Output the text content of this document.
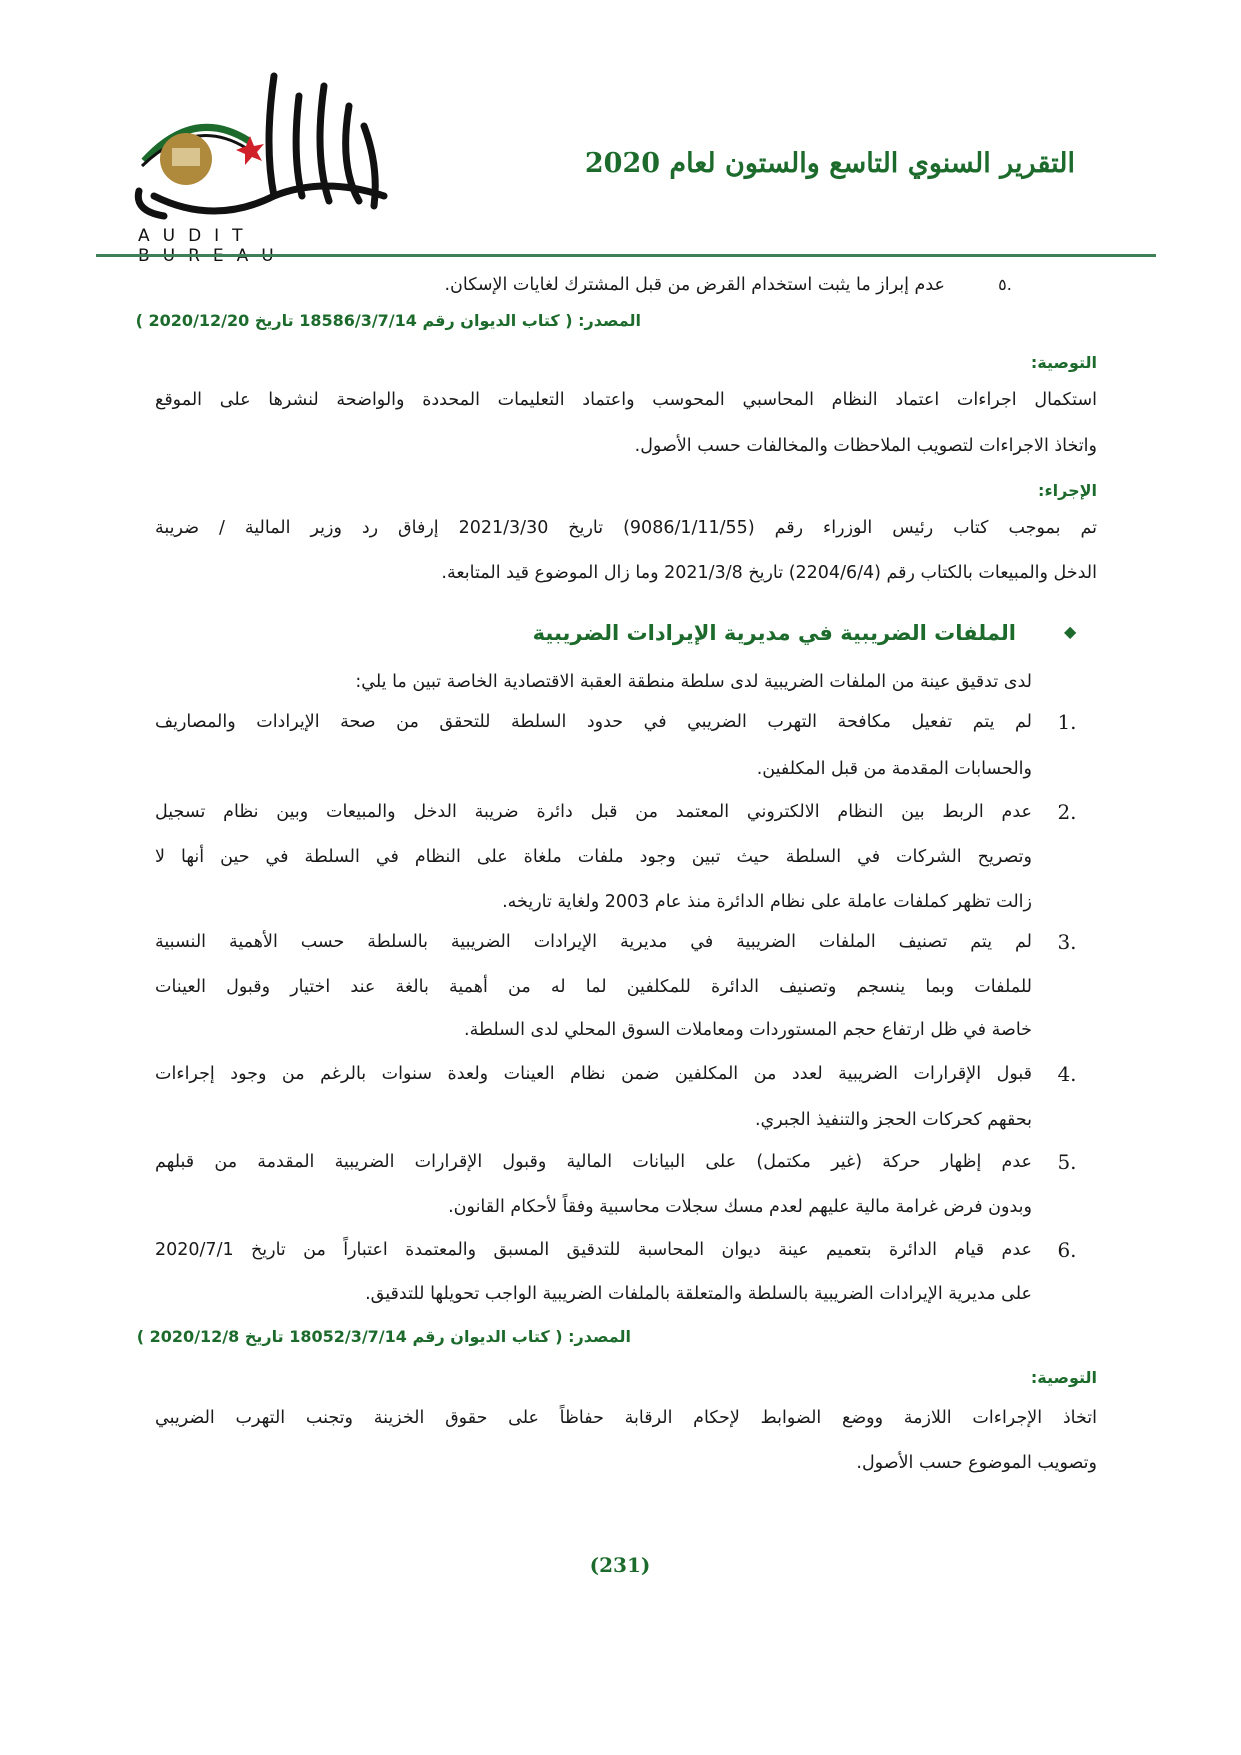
AUDIT
التقرير السنوي التاسع والستون لعام 2020
٥.
عدم إبراز ما يثبت استخدام القرض من قبل المشترك لغايات الإسكان.
المصدر: ( كتاب الديوان رقم 18586/3/7/14 تاريخ 2020/12/20 )
التوصية:
استكمال اجراءات اعتماد النظام المحاسبي المحوسب واعتماد التعليمات المحددة والواضحة لنشرها على الموقع
واتخاذ الاجراءات لتصويب الملاحظات والمخالفات حسب الأصول.
الإجراء:
تم بموجب كتاب رئيس الوزراء رقم (9086/1/11/55) تاريخ 2021/3/30 إرفاق رد وزير المالية / ضريبة
الدخل والمبيعات بالكتاب رقم (2204/6/4) تاريخ 2021/3/8 وما زال الموضوع قيد المتابعة.
◆
الملفات الضريبية في مديرية الإيرادات الضريبية
لدى تدقيق عينة من الملفات الضريبية لدى سلطة منطقة العقبة الاقتصادية الخاصة تبين ما يلي:
1.
لم يتم تفعيل مكافحة التهرب الضريبي في حدود السلطة للتحقق من صحة الإيرادات والمصاريف
والحسابات المقدمة من قبل المكلفين.
2.
عدم الربط بين النظام الالكتروني المعتمد من قبل دائرة ضريبة الدخل والمبيعات وبين نظام تسجيل
وتصريح الشركات في السلطة حيث تبين وجود ملفات ملغاة على النظام في السلطة في حين أنها لا
زالت تظهر كملفات عاملة على نظام الدائرة منذ عام 2003 ولغاية تاريخه.
3.
لم يتم تصنيف الملفات الضريبية في مديرية الإيرادات الضريبية بالسلطة حسب الأهمية النسبية
للملفات وبما ينسجم وتصنيف الدائرة للمكلفين لما له من أهمية بالغة عند اختيار وقبول العينات
خاصة في ظل ارتفاع حجم المستوردات ومعاملات السوق المحلي لدى السلطة.
4.
قبول الإقرارات الضريبية لعدد من المكلفين ضمن نظام العينات ولعدة سنوات بالرغم من وجود إجراءات
بحقهم كحركات الحجز والتنفيذ الجبري.
5.
عدم إظهار حركة (غير مكتمل) على البيانات المالية وقبول الإقرارات الضريبية المقدمة من قبلهم
وبدون فرض غرامة مالية عليهم لعدم مسك سجلات محاسبية وفقاً لأحكام القانون.
6.
عدم قيام الدائرة بتعميم عينة ديوان المحاسبة للتدقيق المسبق والمعتمدة اعتباراً من تاريخ 2020/7/1
على مديرية الإيرادات الضريبية بالسلطة والمتعلقة بالملفات الضريبية الواجب تحويلها للتدقيق.
المصدر: ( كتاب الديوان رقم 18052/3/7/14 تاريخ 2020/12/8 )
التوصية:
اتخاذ الإجراءات اللازمة ووضع الضوابط لإحكام الرقابة حفاظاً على حقوق الخزينة وتجنب التهرب الضريبي
وتصويب الموضوع حسب الأصول.
(231)
